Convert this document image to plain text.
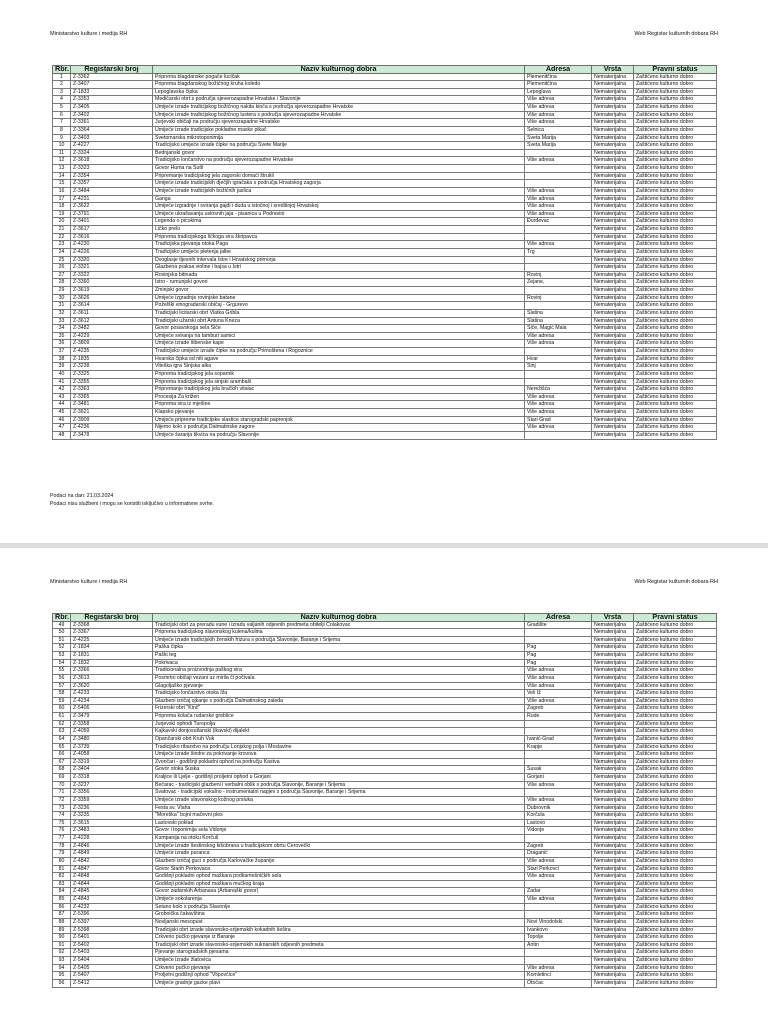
Ministarstvo kulture i medija RH	Web Registar kulturnih dobara RH
Rbr.	Registarski broj	Naziv kulturnog dobra	Adresa	Vrsta	Pravni status
1	Z-3362	Priprema blagdanske pogače lucičak	Plemenitčina	Nematerijalna	Zaštićeno kulturno dobro
2	Z-3407	Priprema blagdanskog božićnog kruha koledo	Plemenitčina	Nematerijalna	Zaštićeno kulturno dobro
3	Z-1833	Lepoglavska čipka	Lepoglava	Nematerijalna	Zaštićeno kulturno dobro
4	Z-3353	Medičarski obrt s područja sjeverozapadne Hrvatske i Slavonije	Više adresa	Nematerijalna	Zaštićeno kulturno dobro
5	Z-3405	Umijeće izrade tradicijskog božićnog nakita kinča s područja sjeverozapadne Hrvatske	Više adresa	Nematerijalna	Zaštićeno kulturno dobro
6	Z-3402	Umijeće izrade tradicijskog božićnog lustera s područja sjeverozapadne Hrvatske	Više adresa	Nematerijalna	Zaštićeno kulturno dobro
7	Z-3361	Jurjevski običaji na području sjeverozapadne Hrvatske	Više adresa	Nematerijalna	Zaštićeno kulturno dobro
8	Z-3364	Umijeće izrade tradicijske pokladne maske pikač	Selnica	Nematerijalna	Zaštićeno kulturno dobro
9	Z-3403	Svetomarska mikrotoponimija	Sveta Marija	Nematerijalna	Zaštićeno kulturno dobro
10	Z-4227	Tradicijsko umijeće izrade čipke na području Svete Marije	Sveta Marija	Nematerijalna	Zaštićeno kulturno dobro
11	Z-3324	Bednjanski govor		Nematerijalna	Zaštićeno kulturno dobro
12	Z-3618	Tradicijsko lončarstvo na području sjeverozapadne Hrvatske	Više adresa	Nematerijalna	Zaštićeno kulturno dobro
13	Z-3323	Govor Huma na Sutli		Nematerijalna	Zaštićeno kulturno dobro
14	Z-3354	Pripremanje tradicijskog jela zagorski domaći štrukli		Nematerijalna	Zaštićeno kulturno dobro
15	Z-3357	Umijeće izrade tradicijskih dječjih igračaka s područja Hrvatskog zagorja		Nematerijalna	Zaštićeno kulturno dobro
16	Z-3484	Umijeće izrade tradicijskih božićnih jaslica	Više adresa	Nematerijalna	Zaštićeno kulturno dobro
17	Z-4231	Ganga	Više adresa	Nematerijalna	Zaštićeno kulturno dobro
18	Z-3622	Umijeće izgradnje i sviranja gajdi i duda u istočnoj i središnjoj Hrvatskoj	Više adresa	Nematerijalna	Zaštićeno kulturno dobro
19	Z-3791	Umijeće ukrašavanja uskrsnih jaja - pisanica u Podravini	Više adresa	Nematerijalna	Zaštićeno kulturno dobro
20	Z-3401	Legenda o picokima	Đurđevac	Nematerijalna	Zaštićeno kulturno dobro
21	Z-3617	Ličko prelo		Nematerijalna	Zaštićeno kulturno dobro
22	Z-3616	Priprema tradicijskoga ličkoga sira škripavca		Nematerijalna	Zaštićeno kulturno dobro
23	Z-4230	Tradicijska pjevanja otoka Paga	Više adresa	Nematerijalna	Zaštićeno kulturno dobro
24	Z-4226	Tradicijsko umijeće pletenja jalbe	Trg	Nematerijalna	Zaštićeno kulturno dobro
25	Z-3320	Dvoglasje tijesnih intervala Istre i Hrvatskog primorja		Nematerijalna	Zaštićeno kulturno dobro
26	Z-3321	Glazbena praksa violine i bajsa u Istri		Nematerijalna	Zaštićeno kulturno dobro
27	Z-3322	Rovinjska bitinada	Rovinj	Nematerijalna	Zaštićeno kulturno dobro
28	Z-3360	Istro - rumunjski govori	Žejane,	Nematerijalna	Zaštićeno kulturno dobro
29	Z-3619	Žminjski govor		Nematerijalna	Zaštićeno kulturno dobro
30	Z-3626	Umijeće izgradnje rovinjske batane	Rovinj	Nematerijalna	Zaštićeno kulturno dobro
31	Z-3614	Poželški vinogradarski običaj - Grgurevo		Nematerijalna	Zaštićeno kulturno dobro
32	Z-3611	Tradicijski licitarski obrt Vlatka Gribla	Slatina	Nematerijalna	Zaštićeno kulturno dobro
33	Z-3612	Tradicijski užarski obrt Antuna Kneza	Slatina	Nematerijalna	Zaštićeno kulturno dobro
34	Z-3482	Govor posavskoga sela Siče	Siče, Magić Mala	Nematerijalna	Zaštićeno kulturno dobro
35	Z-4229	Umijeće sviranja na tamburi samici	Više adresa	Nematerijalna	Zaštićeno kulturno dobro
36	Z-3809	Umijeće izrade šibenske kape	Više adresa	Nematerijalna	Zaštićeno kulturno dobro
37	Z-4235	Tradicijsko umijeće izrade čipke na području Primoštena i Rogoznice		Nematerijalna	Zaštićeno kulturno dobro
38	Z-1835	Hvarska čipka od niti agave	Hvar	Nematerijalna	Zaštićeno kulturno dobro
39	Z-3238	Viteška igra Sinjska alka	Sinj	Nematerijalna	Zaštićeno kulturno dobro
40	Z-3325	Priprema tradicijskog jela soparnik		Nematerijalna	Zaštićeno kulturno dobro
41	Z-3355	Priprema tradicijskog jela sinjski arambaši		Nematerijalna	Zaštićeno kulturno dobro
42	Z-3363	Pripremanje tradicijskog jela bračkih vitalac	Nerežišća	Nematerijalna	Zaštićeno kulturno dobro
43	Z-3365	Procesija Za križen	Više adresa	Nematerijalna	Zaštićeno kulturno dobro
44	Z-3481	Priprema sira iz mješine	Više adresa	Nematerijalna	Zaštićeno kulturno dobro
45	Z-3621	Klapsko pjevanje	Više adresa	Nematerijalna	Zaštićeno kulturno dobro
46	Z-3909	Umijeće pripreme tradicijske slastice starogradski paprenjok	Stari Grad	Nematerijalna	Zaštićeno kulturno dobro
47	Z-4236	Nijemo kolo s područja Dalmatinske zagore	Više adresa	Nematerijalna	Zaštićeno kulturno dobro
48	Z-3478	Umijeće šaranja tikvica na području Slavonije		Nematerijalna	Zaštićeno kulturno dobro
Podaci na dan: 21.03.2024
Podaci nisu službeni i mogu se koristiti isključivo u informativne svrhe.
Ministarstvo kulture i medija RH	Web Registar kulturnih dobara RH
Rbr.	Registarski broj	Naziv kulturnog dobra	Adresa	Vrsta	Pravni status
49	Z-3368	Tradicijski obrt za preradu vune i izradu valjanih odjevnih predmeta obitelji Čolakovac	Gradište	Nematerijalna	Zaštićeno kulturno dobro
50	Z-3367	Priprema tradicijskog slavonskog kulena/kulina		Nematerijalna	Zaštićeno kulturno dobro
51	Z-4225	Umijeće izrade tradicijskih ženskih frizura s područja Slavonije, Baranje i Srijema		Nematerijalna	Zaštićeno kulturno dobro
52	Z-1834	Paška čipka	Pag	Nematerijalna	Zaštićeno kulturno dobro
53	Z-1831	Paški teg	Pag	Nematerijalna	Zaštićeno kulturno dobro
54	Z-1832	Pokrivaca	Pag	Nematerijalna	Zaštićeno kulturno dobro
55	Z-3366	Tradicionalna proizvodnja paškog sira	Više adresa	Nematerijalna	Zaštićeno kulturno dobro
56	Z-3613	Posmrtni običaji vezani uz mirila či počivala	Više adresa	Nematerijalna	Zaštićeno kulturno dobro
57	Z-3620	Glagoljaško pjevanje	Više adresa	Nematerijalna	Zaštićeno kulturno dobro
58	Z-4233	Tradicijsko lončarstvo otoka Iža	Veli Iž	Nematerijalna	Zaštićeno kulturno dobro
59	Z-4234	Glazbeni izričaj ojkanje s područja Dalmatinskog zaleđa	Više adresa	Nematerijalna	Zaštićeno kulturno dobro
60	Z-5406	Frizerski obrt "Kinč"	Zagreb	Nematerijalna	Zaštićeno kulturno dobro
61	Z-3479	Priprema kolača rudarske greblice	Rude	Nematerijalna	Zaštićeno kulturno dobro
62	Z-3358	Jurjevski ophodi Turopolja		Nematerijalna	Zaštićeno kulturno dobro
63	Z-4059	Kajkavski donjosutlanski (ikavski) dijalekt		Nematerijalna	Zaštićeno kulturno dobro
64	Z-3480	Opančarski obrt Kruh Vuk	Ivanić-Grad	Nematerijalna	Zaštićeno kulturno dobro
65	Z-3739	Tradicijsko ribarstvo na području Lonjskog polja i Moslavine	Krapje	Nematerijalna	Zaštićeno kulturno dobro
66	Z-4058	Umijeće izrade šindre za pokrivanje krovova		Nematerijalna	Zaštićeno kulturno dobro
67	Z-3319	Zvončari - godišnji pokladni ophod na području Kastva		Nematerijalna	Zaštićeno kulturno dobro
68	Z-3404	Govor otoka Suska	Susak	Nematerijalna	Zaštićeno kulturno dobro
69	Z-3318	Kraljice ili Ljelje - godišnji proljetni ophod u Gorjani	Gorjani	Nematerijalna	Zaštićeno kulturno dobro
70	Z-3237	Bećarac - tradicijski glazbeni i verbalni oblik s područja Slavonije, Baranje i Srijema	Više adresa	Nematerijalna	Zaštićeno kulturno dobro
71	Z-3356	Svatovac - tradicijski vokalno - instrumentalni napjev s područja Slavonije, Baranje i Srijema		Nematerijalna	Zaštićeno kulturno dobro
72	Z-3359	Umijeće izrade slavonskog kožnog prsluka	Više adresa	Nematerijalna	Zaštićeno kulturno dobro
73	Z-3236	Festa sv. Vlaha	Dubrovnik	Nematerijalna	Zaštićeno kulturno dobro
74	Z-3235	"Moreška" bojni mačevni ples	Korčula	Nematerijalna	Zaštićeno kulturno dobro
75	Z-3615	Lastovski poklad	Lastovo	Nematerijalna	Zaštićeno kulturno dobro
76	Z-3483	Govor i toponimija sela Vidonje	Vidonje	Nematerijalna	Zaštićeno kulturno dobro
77	Z-4228	Kumpanija na otoku Korčuli		Nematerijalna	Zaštićeno kulturno dobro
78	Z-4846	Umijeće izrade šestinskog kišobrana u tradicijskom obrtu Ćerovečki	Zagreb	Nematerijalna	Zaštićeno kulturno dobro
79	Z-4849	Umijeće izrade puranca	Draganić	Nematerijalna	Zaštićeno kulturno dobro
80	Z-4842	Glazbeni izričaj guci s područja Karlovačke županije	Više adresa	Nematerijalna	Zaštićeno kulturno dobro
81	Z-4847	Govor Starih Perkovaca	Stari Perkovci	Nematerijalna	Zaštićeno kulturno dobro
82	Z-4848	Godišnji pokladni ophod maškara podkamešničkih sela	Više adresa	Nematerijalna	Zaštićeno kulturno dobro
83	Z-4844	Godišnji pokladni ophod maškara mućkog kraja		Nematerijalna	Zaštićeno kulturno dobro
84	Z-4845	Govor zadarskih Arbanasa (Arbanaški govor)	Zadar	Nematerijalna	Zaštićeno kulturno dobro
85	Z-4843	Umijeće sokolarenja	Više adresa	Nematerijalna	Zaštićeno kulturno dobro
86	Z-4232	Šetano kolo s područja Slavonije		Nematerijalna	Zaštićeno kulturno dobro
87	Z-5396	Grobnička čakavština		Nematerijalna	Zaštićeno kulturno dobro
88	Z-5397	Novljanski mesopust	Novi Vinodolski	Nematerijalna	Zaštićeno kulturno dobro
89	Z-5398	Tradicijski obrt izrade slavonsko-srijemskih kokadnih šešira	Ivankovo	Nematerijalna	Zaštićeno kulturno dobro
90	Z-5401	Crkveno pučko pjevanje iz Baranje	Topolje	Nematerijalna	Zaštićeno kulturno dobro
91	Z-5402	Tradicijski obrt izrade slavonsko-srijemskih suknarskih odjevnih predmeta	Antin	Nematerijalna	Zaštićeno kulturno dobro
92	Z-5403	Pjevanje starogradskih pjesama		Nematerijalna	Zaštićeno kulturno dobro
93	Z-5404	Umijeće izrade žlatovica		Nematerijalna	Zaštićeno kulturno dobro
94	Z-5405	Crkveno pučko pjevanje	Više adresa	Nematerijalna	Zaštićeno kulturno dobro
95	Z-5407	Proljetni godišnji ophod "Vlipovčice"	Komletinci	Nematerijalna	Zaštićeno kulturno dobro
96	Z-5412	Umijeće gradnje gacke plavi	Otočac	Nematerijalna	Zaštićeno kulturno dobro
